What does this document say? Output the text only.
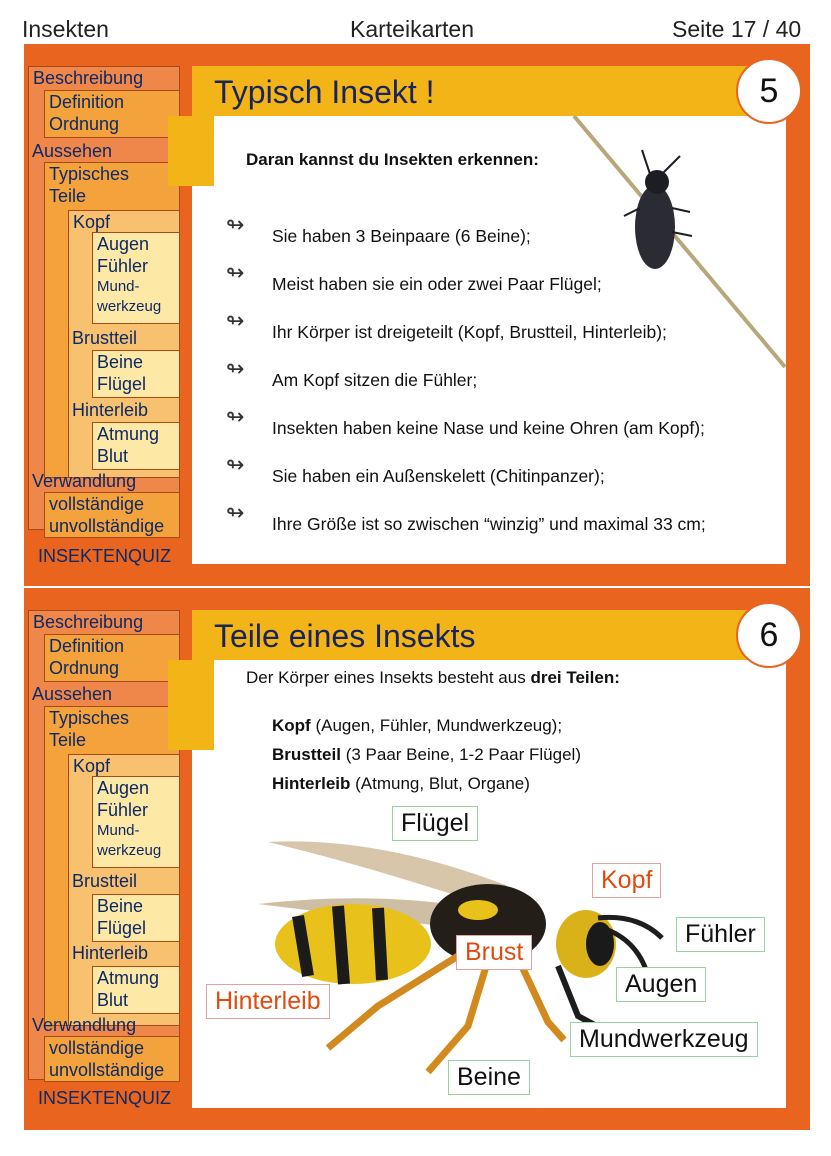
Insekten	Karteikarten	Seite 17 / 40
Beschreibung
Definition
Ordnung
Aussehen
Typisches
Teile
Kopf
Augen
Fühler
Mund-
werkzeug
Brustteil
Beine
Flügel
Hinterleib
Atmung
Blut
Verwandlung
vollständige
unvollständige
INSEKTENQUIZ
Typisch Insekt !	5
Daran kannst du Insekten erkennen:
↬ Sie haben 3 Beinpaare (6 Beine);
↬ Meist haben sie ein oder zwei Paar Flügel;
↬ Ihr Körper ist dreigeteilt (Kopf, Brustteil, Hinterleib);
↬ Am Kopf sitzen die Fühler;
↬ Insekten haben keine Nase und keine Ohren (am Kopf);
↬ Sie haben ein Außenskelett (Chitinpanzer);
↬ Ihre Größe ist so zwischen “winzig” und maximal 33 cm;
Beschreibung
Definition
Ordnung
Aussehen
Typisches
Teile
Kopf
Augen
Fühler
Mund-
werkzeug
Brustteil
Beine
Flügel
Hinterleib
Atmung
Blut
Verwandlung
vollständige
unvollständige
INSEKTENQUIZ
Teile eines Insekts	6
Der Körper eines Insekts besteht aus drei Teilen:
Kopf (Augen, Fühler, Mundwerkzeug);
Brustteil (3 Paar Beine, 1-2 Paar Flügel)
Hinterleib (Atmung, Blut, Organe)
Flügel
Kopf
Fühler
Brust
Augen
Hinterleib
Mundwerkzeug
Beine
